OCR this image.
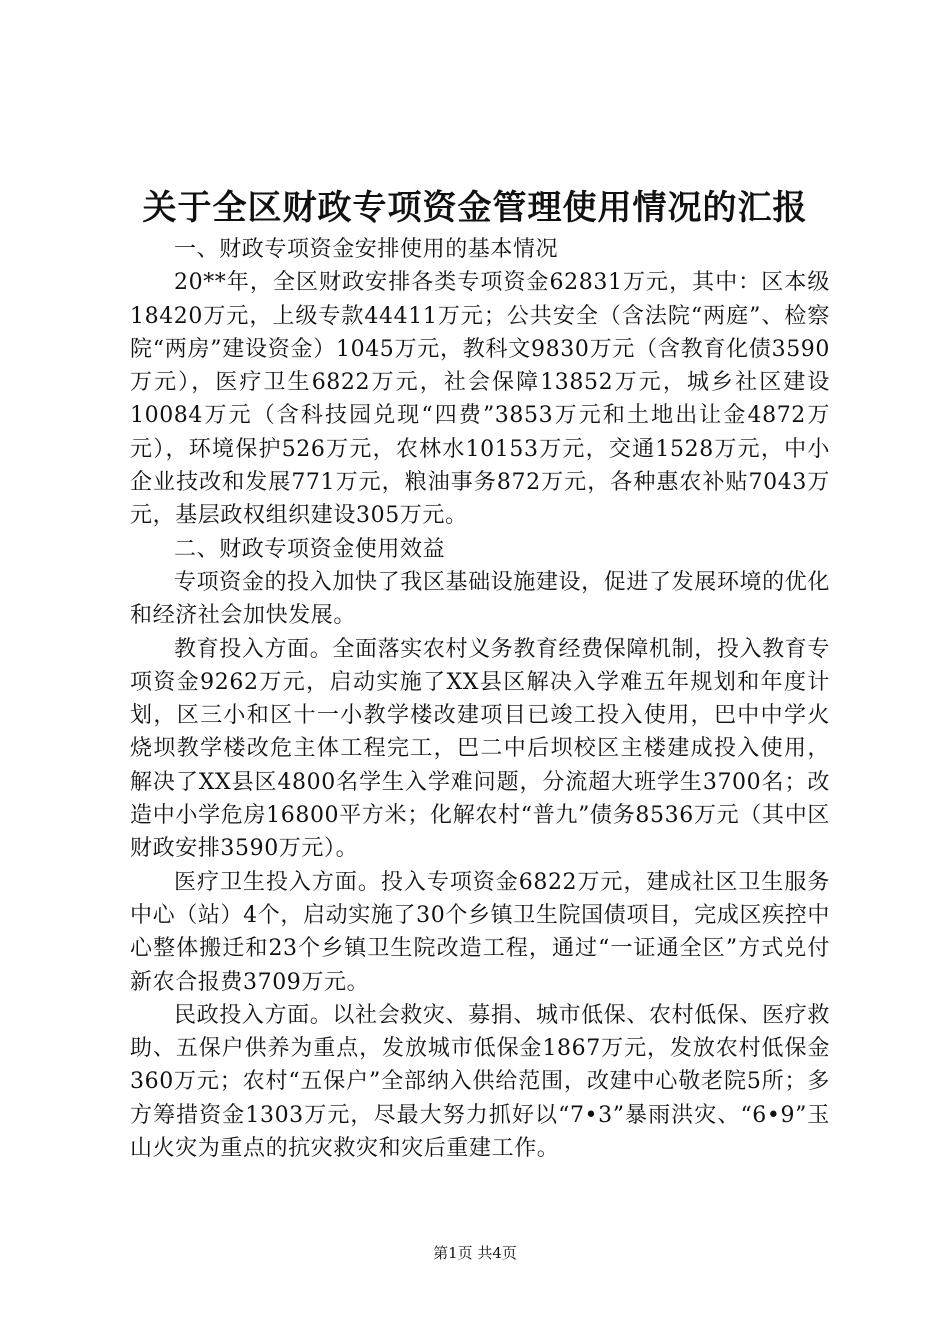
关于全区财政专项资金管理使用情况的汇报

一、财政专项资金安排使用的基本情况

20**年，全区财政安排各类专项资金62831万元，其中：区本级18420万元，上级专款44411万元；公共安全（含法院“两庭”、检察院“两房”建设资金）1045万元，教科文9830万元（含教育化债3590万元），医疗卫生6822万元，社会保障13852万元，城乡社区建设10084万元（含科技园兑现“四费”3853万元和土地出让金4872万元），环境保护526万元，农林水10153万元，交通1528万元，中小企业技改和发展771万元，粮油事务872万元，各种惠农补贴7043万元，基层政权组织建设305万元。

二、财政专项资金使用效益

专项资金的投入加快了我区基础设施建设，促进了发展环境的优化和经济社会加快发展。

教育投入方面。全面落实农村义务教育经费保障机制，投入教育专项资金9262万元，启动实施了XX县区解决入学难五年规划和年度计划，区三小和区十一小教学楼改建项目已竣工投入使用，巴中中学火烧坝教学楼改危主体工程完工，巴二中后坝校区主楼建成投入使用，解决了XX县区4800名学生入学难问题，分流超大班学生3700名；改造中小学危房16800平方米；化解农村“普九”债务8536万元（其中区财政安排3590万元）。

医疗卫生投入方面。投入专项资金6822万元，建成社区卫生服务中心（站）4个，启动实施了30个乡镇卫生院国债项目，完成区疾控中心整体搬迁和23个乡镇卫生院改造工程，通过“一证通全区”方式兑付新农合报费3709万元。

民政投入方面。以社会救灾、募捐、城市低保、农村低保、医疗救助、五保户供养为重点，发放城市低保金1867万元，发放农村低保金360万元；农村“五保户”全部纳入供给范围，改建中心敬老院5所；多方筹措资金1303万元，尽最大努力抓好以“7•3”暴雨洪灾、“6•9”玉山火灾为重点的抗灾救灾和灾后重建工作。

第1页 共4页
